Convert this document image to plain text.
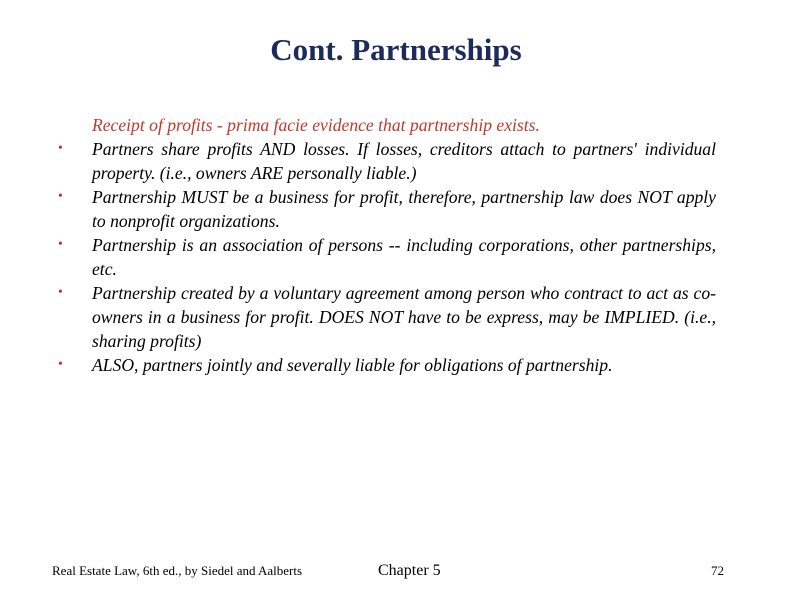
Cont. Partnerships
Receipt of profits - prima facie evidence that partnership exists.
•	Partners share profits AND losses. If losses, creditors attach to partners' individual property. (i.e., owners ARE personally liable.)
•	Partnership MUST be a business for profit, therefore, partnership law does NOT apply to nonprofit organizations.
•	Partnership is an association of persons -- including corporations, other partnerships, etc.
•	Partnership created by a voluntary agreement among person who contract to act as co-owners in a business for profit. DOES NOT have to be express, may be IMPLIED. (i.e., sharing profits)
•	ALSO, partners jointly and severally liable for obligations of partnership.
Real Estate Law, 6th ed., by Siedel and Aalberts	Chapter 5	72
